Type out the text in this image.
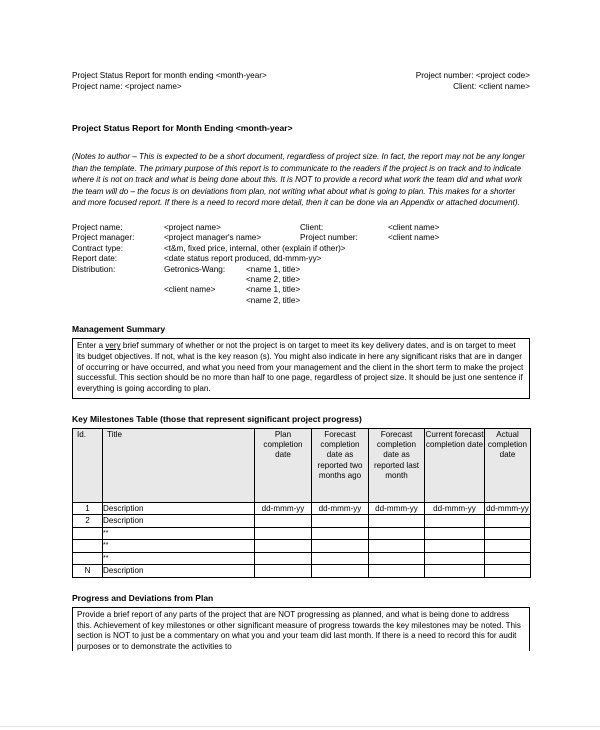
Project Status Report for month ending <month-year>
Project name: <project name>
Project number: <project code>
Client: <client name>
Project Status Report for Month Ending <month-year>
(Notes to author – This is expected to be a short document, regardless of project size. In fact, the report may not be any longer than the template. The primary purpose of this report is to communicate to the readers if the project is on track and to indicate where it is not on track and what is being done about this. It is NOT to provide a record what work the team did and what work the team will do – the focus is on deviations from plan, not writing what about what is going to plan. This makes for a shorter and more focused report. If there is a need to record more detail, then it can be done via an Appendix or attached document).
Project name:	<project name>	Client:	<client name>
Project manager:	<project manager's name>	Project number:	<client name>
Contract type:	<t&m, fixed price, internal, other (explain if other)>
Report date:	<date status report produced, dd-mmm-yy>
Distribution:	Getronics-Wang:	<name 1, title>
<name 2, title>
<client name>	<name 1, title>
<name 2, title>
Management Summary
Enter a very brief summary of whether or not the project is on target to meet its key delivery dates, and is on target to meet its budget objectives. If not, what is the key reason (s). You might also indicate in here any significant risks that are in danger of occurring or have occurred, and what you need from your management and the client in the short term to make the project successful. This section should be no more than half to one page, regardless of project size. It should be just one sentence if everything is going according to plan.
Key Milestones Table (those that represent significant project progress)
Id.	Title	Plan completion date	Forecast completion date as reported two months ago	Forecast completion date as reported last month	Current forecast completion date	Actual completion date
1	Description	dd-mmm-yy	dd-mmm-yy	dd-mmm-yy	dd-mmm-yy	dd-mmm-yy
2	Description					
	**					
	**					
	**					
N	Description					
Progress and Deviations from Plan
Provide a brief report of any parts of the project that are NOT progressing as planned, and what is being done to address this. Achievement of key milestones or other significant measure of progress towards the key milestones may be noted. This section is NOT to just be a commentary on what you and your team did last month. If there is a need to record this for audit purposes or to demonstrate the activities to
